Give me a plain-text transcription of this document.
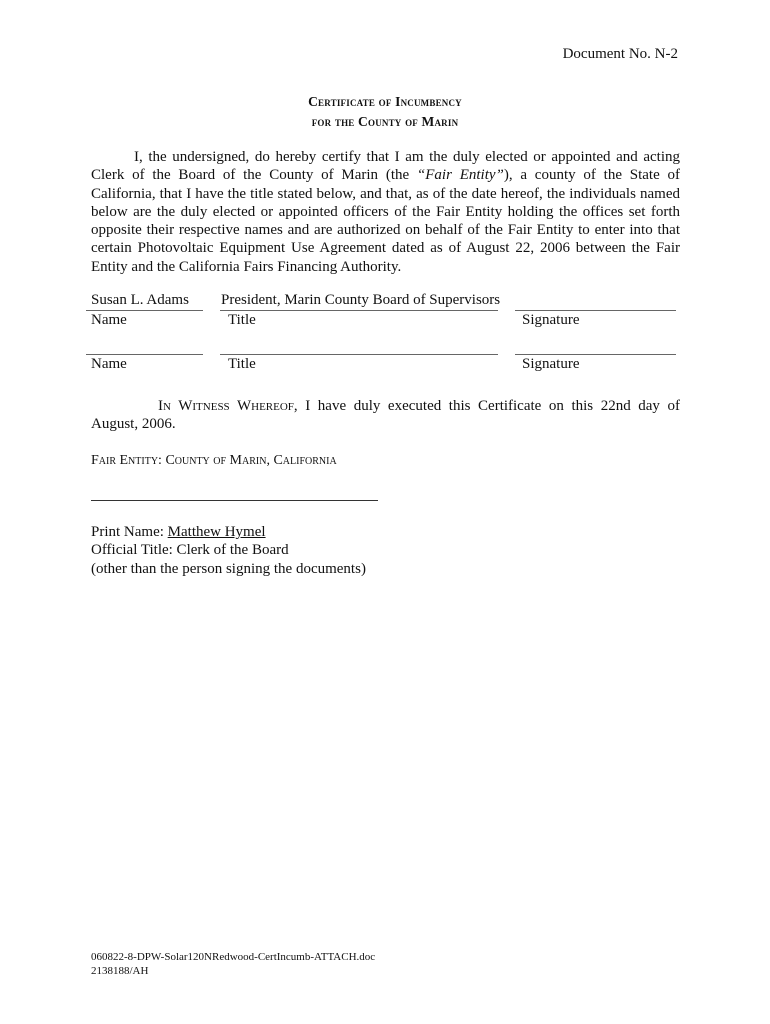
Document No. N-2
Certificate of Incumbency
for the County of Marin
I, the undersigned, do hereby certify that I am the duly elected or appointed and acting Clerk of the Board of the County of Marin (the “Fair Entity”), a county of the State of California, that I have the title stated below, and that, as of the date hereof, the individuals named below are the duly elected or appointed officers of the Fair Entity holding the offices set forth opposite their respective names and are authorized on behalf of the Fair Entity to enter into that certain Photovoltaic Equipment Use Agreement dated as of August 22, 2006 between the Fair Entity and the California Fairs Financing Authority.
Susan L. Adams President, Marin County Board of Supervisors
Name	Title	Signature
Name	Title	Signature
In Witness Whereof, I have duly executed this Certificate on this 22nd day of August, 2006.
Fair Entity: County of Marin, California
Print Name: Matthew Hymel
Official Title: Clerk of the Board
(other than the person signing the documents)
060822-8-DPW-Solar120NRedwood-CertIncumb-ATTACH.doc
2138188/AH
